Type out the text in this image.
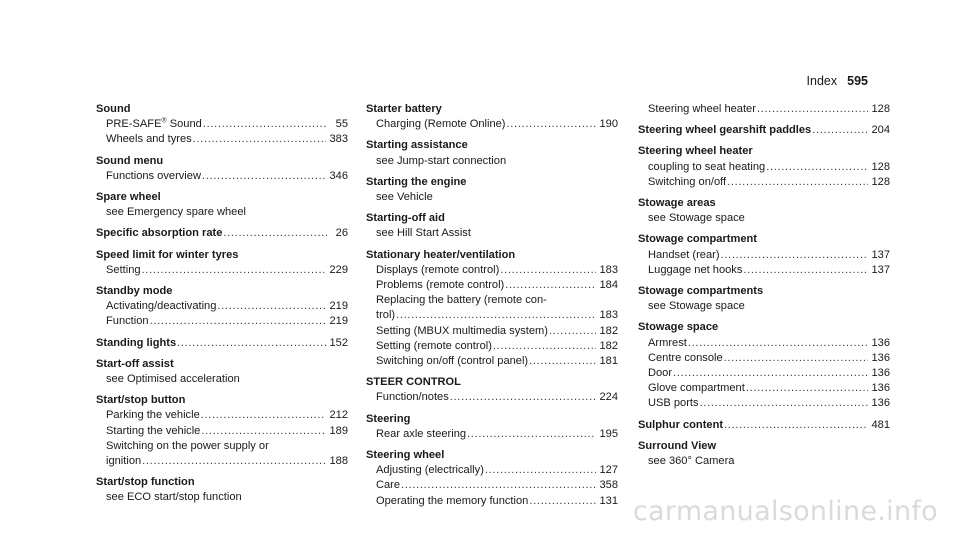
Index 595
Sound
PRE-SAFE® Sound . . .	55
Wheels and tyres . . .	383
Sound menu
Functions overview . . .	346
Spare wheel
see Emergency spare wheel
Specific absorption rate . . .	26
Speed limit for winter tyres
Setting . . .	229
Standby mode
Activating/deactivating . . .	219
Function . . .	219
Standing lights . . .	152
Start-off assist
see Optimised acceleration
Start/stop button
Parking the vehicle . . .	212
Starting the vehicle . . .	189
Switching on the power supply or
ignition . . .	188
Start/stop function
see ECO start/stop function
Starter battery
Charging (Remote Online) . . .	190
Starting assistance
see Jump-start connection
Starting the engine
see Vehicle
Starting-off aid
see Hill Start Assist
Stationary heater/ventilation
Displays (remote control) . . .	183
Problems (remote control) . . .	184
Replacing the battery (remote con-
trol) . . .	183
Setting (MBUX multimedia system) . . .	182
Setting (remote control) . . .	182
Switching on/off (control panel) . . .	181
STEER CONTROL
Function/notes . . .	224
Steering
Rear axle steering . . .	195
Steering wheel
Adjusting (electrically) . . .	127
Care . . .	358
Operating the memory function . . .	131
Steering wheel heater . . .	128
Steering wheel gearshift paddles . . .	204
Steering wheel heater
coupling to seat heating . . .	128
Switching on/off . . .	128
Stowage areas
see Stowage space
Stowage compartment
Handset (rear) . . .	137
Luggage net hooks . . .	137
Stowage compartments
see Stowage space
Stowage space
Armrest . . .	136
Centre console . . .	136
Door . . .	136
Glove compartment . . .	136
USB ports . . .	136
Sulphur content . . .	481
Surround View
see 360° Camera
carmanualsonline.info
